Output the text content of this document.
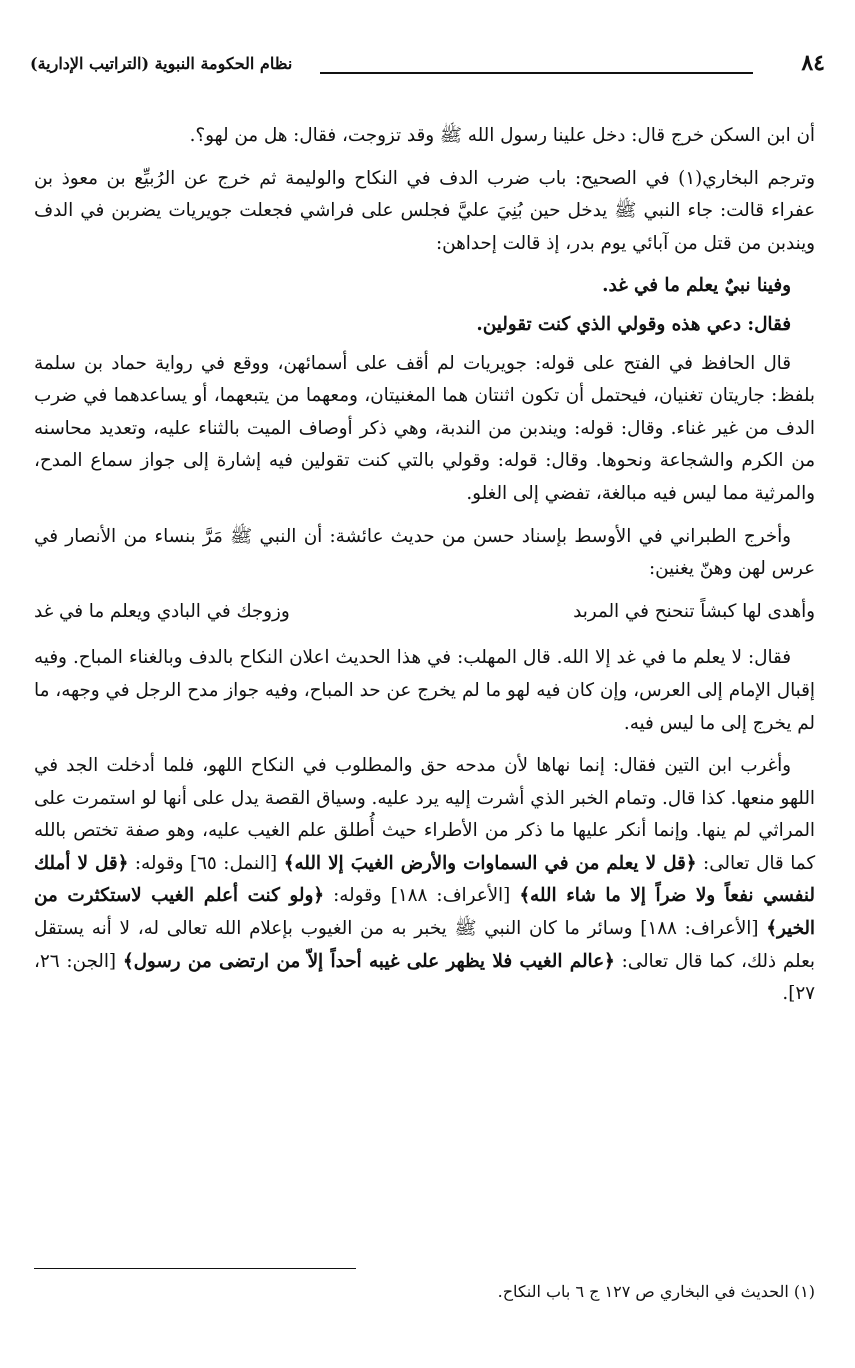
٨٤
نظام الحكومة النبوية (التراتيب الإدارية)

أن ابن السكن خرج قال: دخل علينا رسول الله ﷺ وقد تزوجت، فقال: هل من لهو؟.

وترجم البخاري(١) في الصحيح: باب ضرب الدف في النكاح والوليمة ثم خرج عن الرُبيِّع بن معوذ بن عفراء قالت: جاء النبي ﷺ يدخل حين بُنِيَ عليَّ فجلس على فراشي فجعلت جويريات يضربن في الدف ويندبن من قتل من آبائي يوم بدر، إذ قالت إحداهن:

وفينا نبيٌ يعلم ما في غد.

فقال: دعي هذه وقولي الذي كنت تقولين.

قال الحافظ في الفتح على قوله: جويريات لم أقف على أسمائهن، ووقع في رواية حماد بن سلمة بلفظ: جاريتان تغنيان، فيحتمل أن تكون اثنتان هما المغنيتان، ومعهما من يتبعهما، أو يساعدهما في ضرب الدف من غير غناء. وقال: قوله: ويندبن من الندبة، وهي ذكر أوصاف الميت بالثناء عليه، وتعديد محاسنه من الكرم والشجاعة ونحوها. وقال: قوله: وقولي بالتي كنت تقولين فيه إشارة إلى جواز سماع المدح، والمرثية مما ليس فيه مبالغة، تفضي إلى الغلو.

وأخرج الطبراني في الأوسط بإسناد حسن من حديث عائشة: أن النبي ﷺ مَرَّ بنساء من الأنصار في عرس لهن وهنّ يغنين:

وأهدى لها كبشاً تنحنح في المربد
وزوجك في البادي ويعلم ما في غد

فقال: لا يعلم ما في غد إلا الله. قال المهلب: في هذا الحديث اعلان النكاح بالدف وبالغناء المباح. وفيه إقبال الإمام إلى العرس، وإن كان فيه لهو ما لم يخرج عن حد المباح، وفيه جواز مدح الرجل في وجهه، ما لم يخرج إلى ما ليس فيه.

وأغرب ابن التين فقال: إنما نهاها لأن مدحه حق والمطلوب في النكاح اللهو، فلما أدخلت الجد في اللهو منعها. كذا قال. وتمام الخبر الذي أشرت إليه يرد عليه. وسياق القصة يدل على أنها لو استمرت على المراثي لم ينها. وإنما أنكر عليها ما ذكر من الأطراء حيث أُطلق علم الغيب عليه، وهو صفة تختص بالله كما قال تعالى: ﴿قل لا يعلم من في السماوات والأرض الغيبَ إلا الله﴾ [النمل: ٦٥] وقوله: ﴿قل لا أملك لنفسي نفعاً ولا ضراً إلا ما شاء الله﴾ [الأعراف: ١٨٨] وقوله: ﴿ولو كنت أعلم الغيب لاستكثرت من الخير﴾ [الأعراف: ١٨٨] وسائر ما كان النبي ﷺ يخبر به من الغيوب بإعلام الله تعالى له، لا أنه يستقل بعلم ذلك، كما قال تعالى: ﴿عالم الغيب فلا يظهر على غيبه أحداً إلاّ من ارتضى من رسول﴾ [الجن: ٢٦، ٢٧].

(١) الحديث في البخاري ص ١٢٧ ج ٦ باب النكاح.
